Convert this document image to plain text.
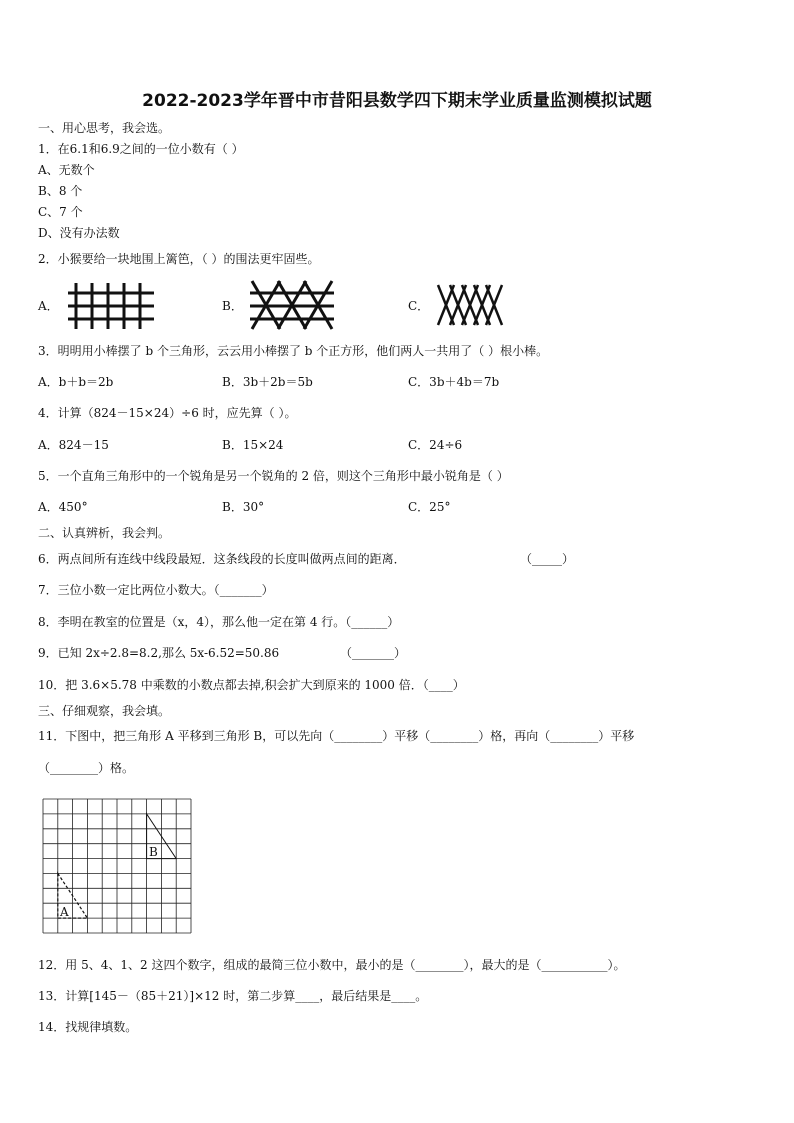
2022-2023学年晋中市昔阳县数学四下期末学业质量监测模拟试题
一、用心思考，我会选。
1．在6.1和6.9之间的一位小数有（ ）
A、无数个
B、8 个
C、7 个
D、没有办法数
2．小猴要给一块地围上篱笆，（ ）的围法更牢固些。
A．	B．	C．
3．明明用小棒摆了 b 个三角形，云云用小棒摆了 b 个正方形，他们两人一共用了（ ）根小棒。
A．b＋b＝2b	B．3b＋2b＝5b	C．3b＋4b＝7b
4．计算（824－15×24）÷6 时，应先算（ ）。
A．824－15	B．15×24	C．24÷6
5．一个直角三角形中的一个锐角是另一个锐角的 2 倍，则这个三角形中最小锐角是（ ）
A．450°	B．30°	C．25°
二、认真辨析，我会判。
6．两点间所有连线中线段最短．这条线段的长度叫做两点间的距离．	（_____）
7．三位小数一定比两位小数大。（_______）
8．李明在教室的位置是（x，4），那么他一定在第 4 行。（______）
9．已知 2x÷2.8=8.2,那么 5x-6.52=50.86	（_______）
10．把 3.6×5.78 中乘数的小数点都去掉,积会扩大到原来的 1000 倍．（____）
三、仔细观察，我会填。
11．下图中，把三角形 A 平移到三角形 B，可以先向（________）平移（________）格，再向（________）平移
（________）格。
B
A
12．用 5、4、1、2 这四个数字，组成的最简三位小数中，最小的是（________），最大的是（___________）。
13．计算[145－（85＋21）]×12 时，第二步算____，最后结果是____。
14．找规律填数。
